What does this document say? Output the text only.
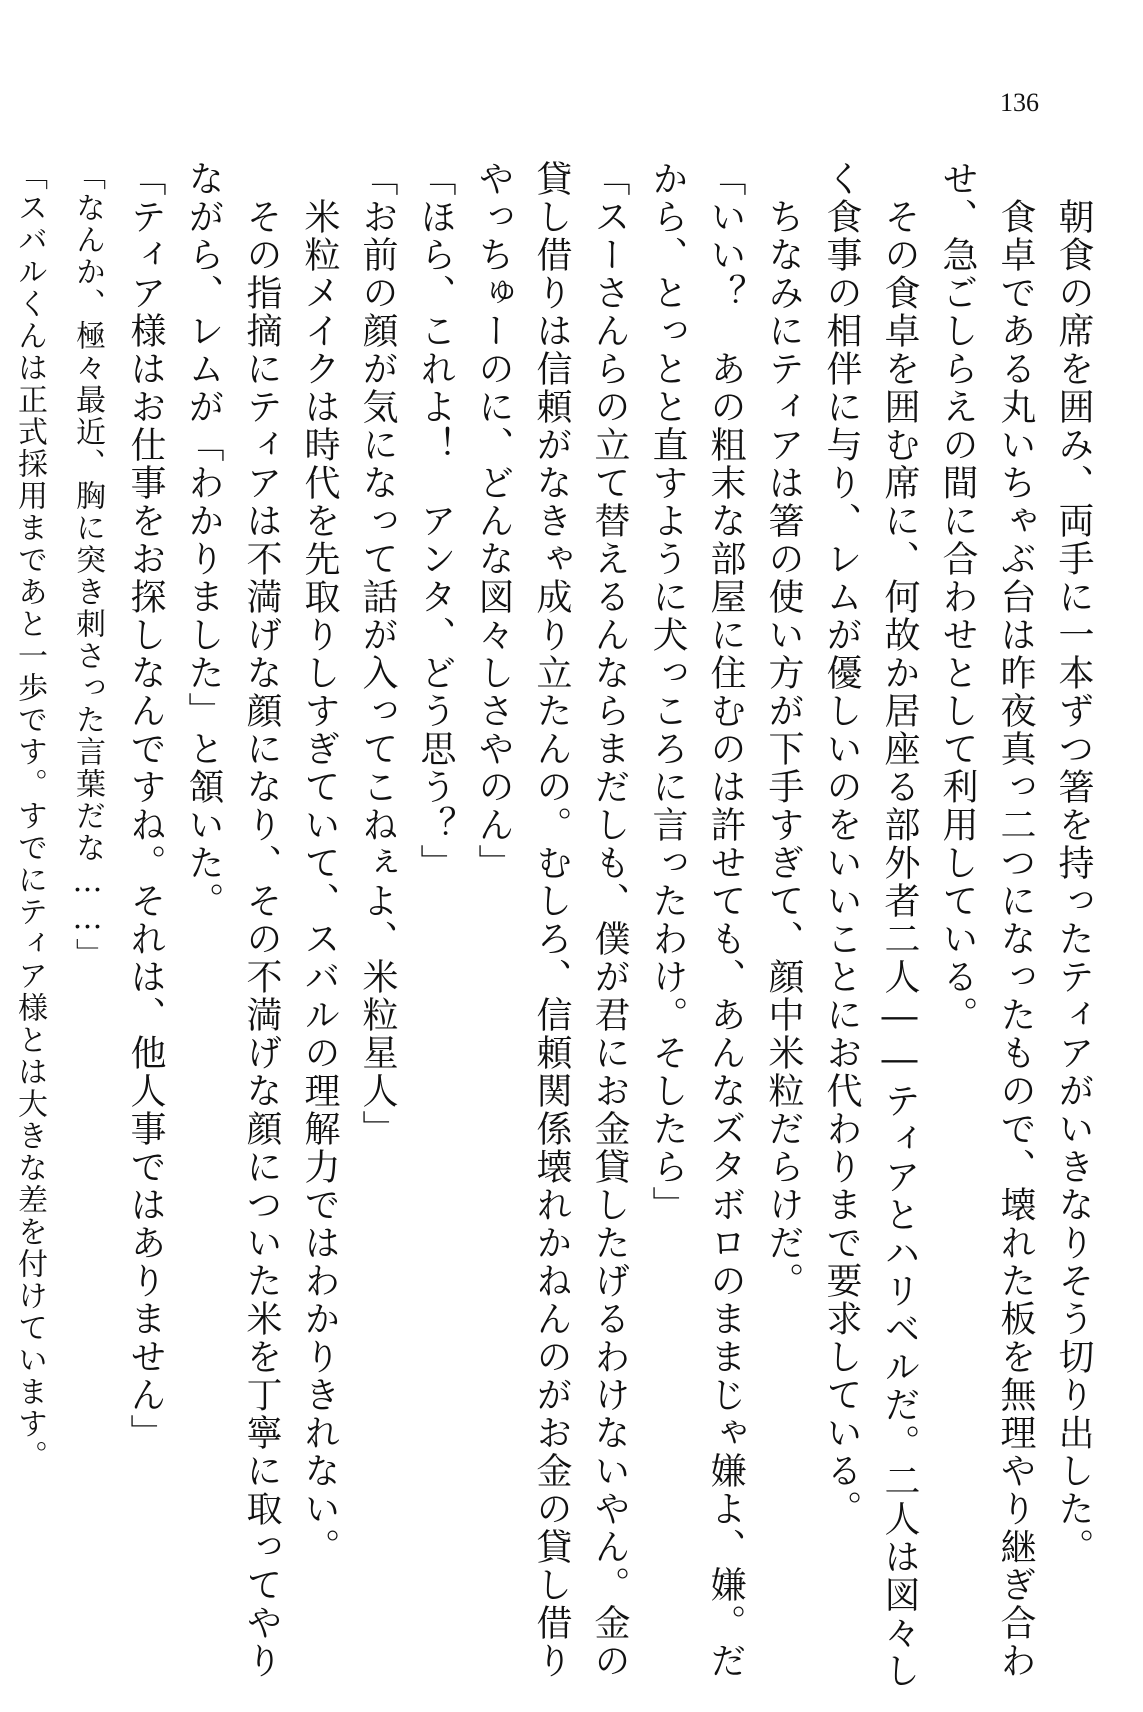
136
　朝食の席を囲み、両手に一本ずつ箸を持ったティアがいきなりそう切り出した。
　食卓である丸いちゃぶ台は昨夜真っ二つになったもので、壊れた板を無理やり継ぎ合わ
せ、急ごしらえの間に合わせとして利用している。
　その食卓を囲む席に、何故か居座る部外者二人――ティアとハリベルだ。二人は図々し
く食事の相伴に与り、レムが優しいのをいいことにお代わりまで要求している。
　ちなみにティアは箸の使い方が下手すぎて、顔中米粒だらけだ。
「いい？　あの粗末な部屋に住むのは許せても、あんなズタボロのままじゃ嫌よ、嫌。だ
から、とっとと直すように犬っころに言ったわけ。そしたら」
「スーさんらの立て替えるんならまだしも、僕が君にお金貸したげるわけないやん。金の
貸し借りは信頼がなきゃ成り立たんの。むしろ、信頼関係壊れかねんのがお金の貸し借り
やっちゅーのに、どんな図々しさやのん」
「ほら、これよ！　アンタ、どう思う？」
「お前の顔が気になって話が入ってこねぇよ、米粒星人」
　米粒メイクは時代を先取りしすぎていて、スバルの理解力ではわかりきれない。
　その指摘にティアは不満げな顔になり、その不満げな顔についた米を丁寧に取ってやり
ながら、レムが「わかりました」と頷いた。
「ティア様はお仕事をお探しなんですね。それは、他人事ではありません」
「なんか、極々最近、胸に突き刺さった言葉だな……」
「スバルくんは正式採用まであと一歩です。すでにティア様とは大きな差を付けています。
